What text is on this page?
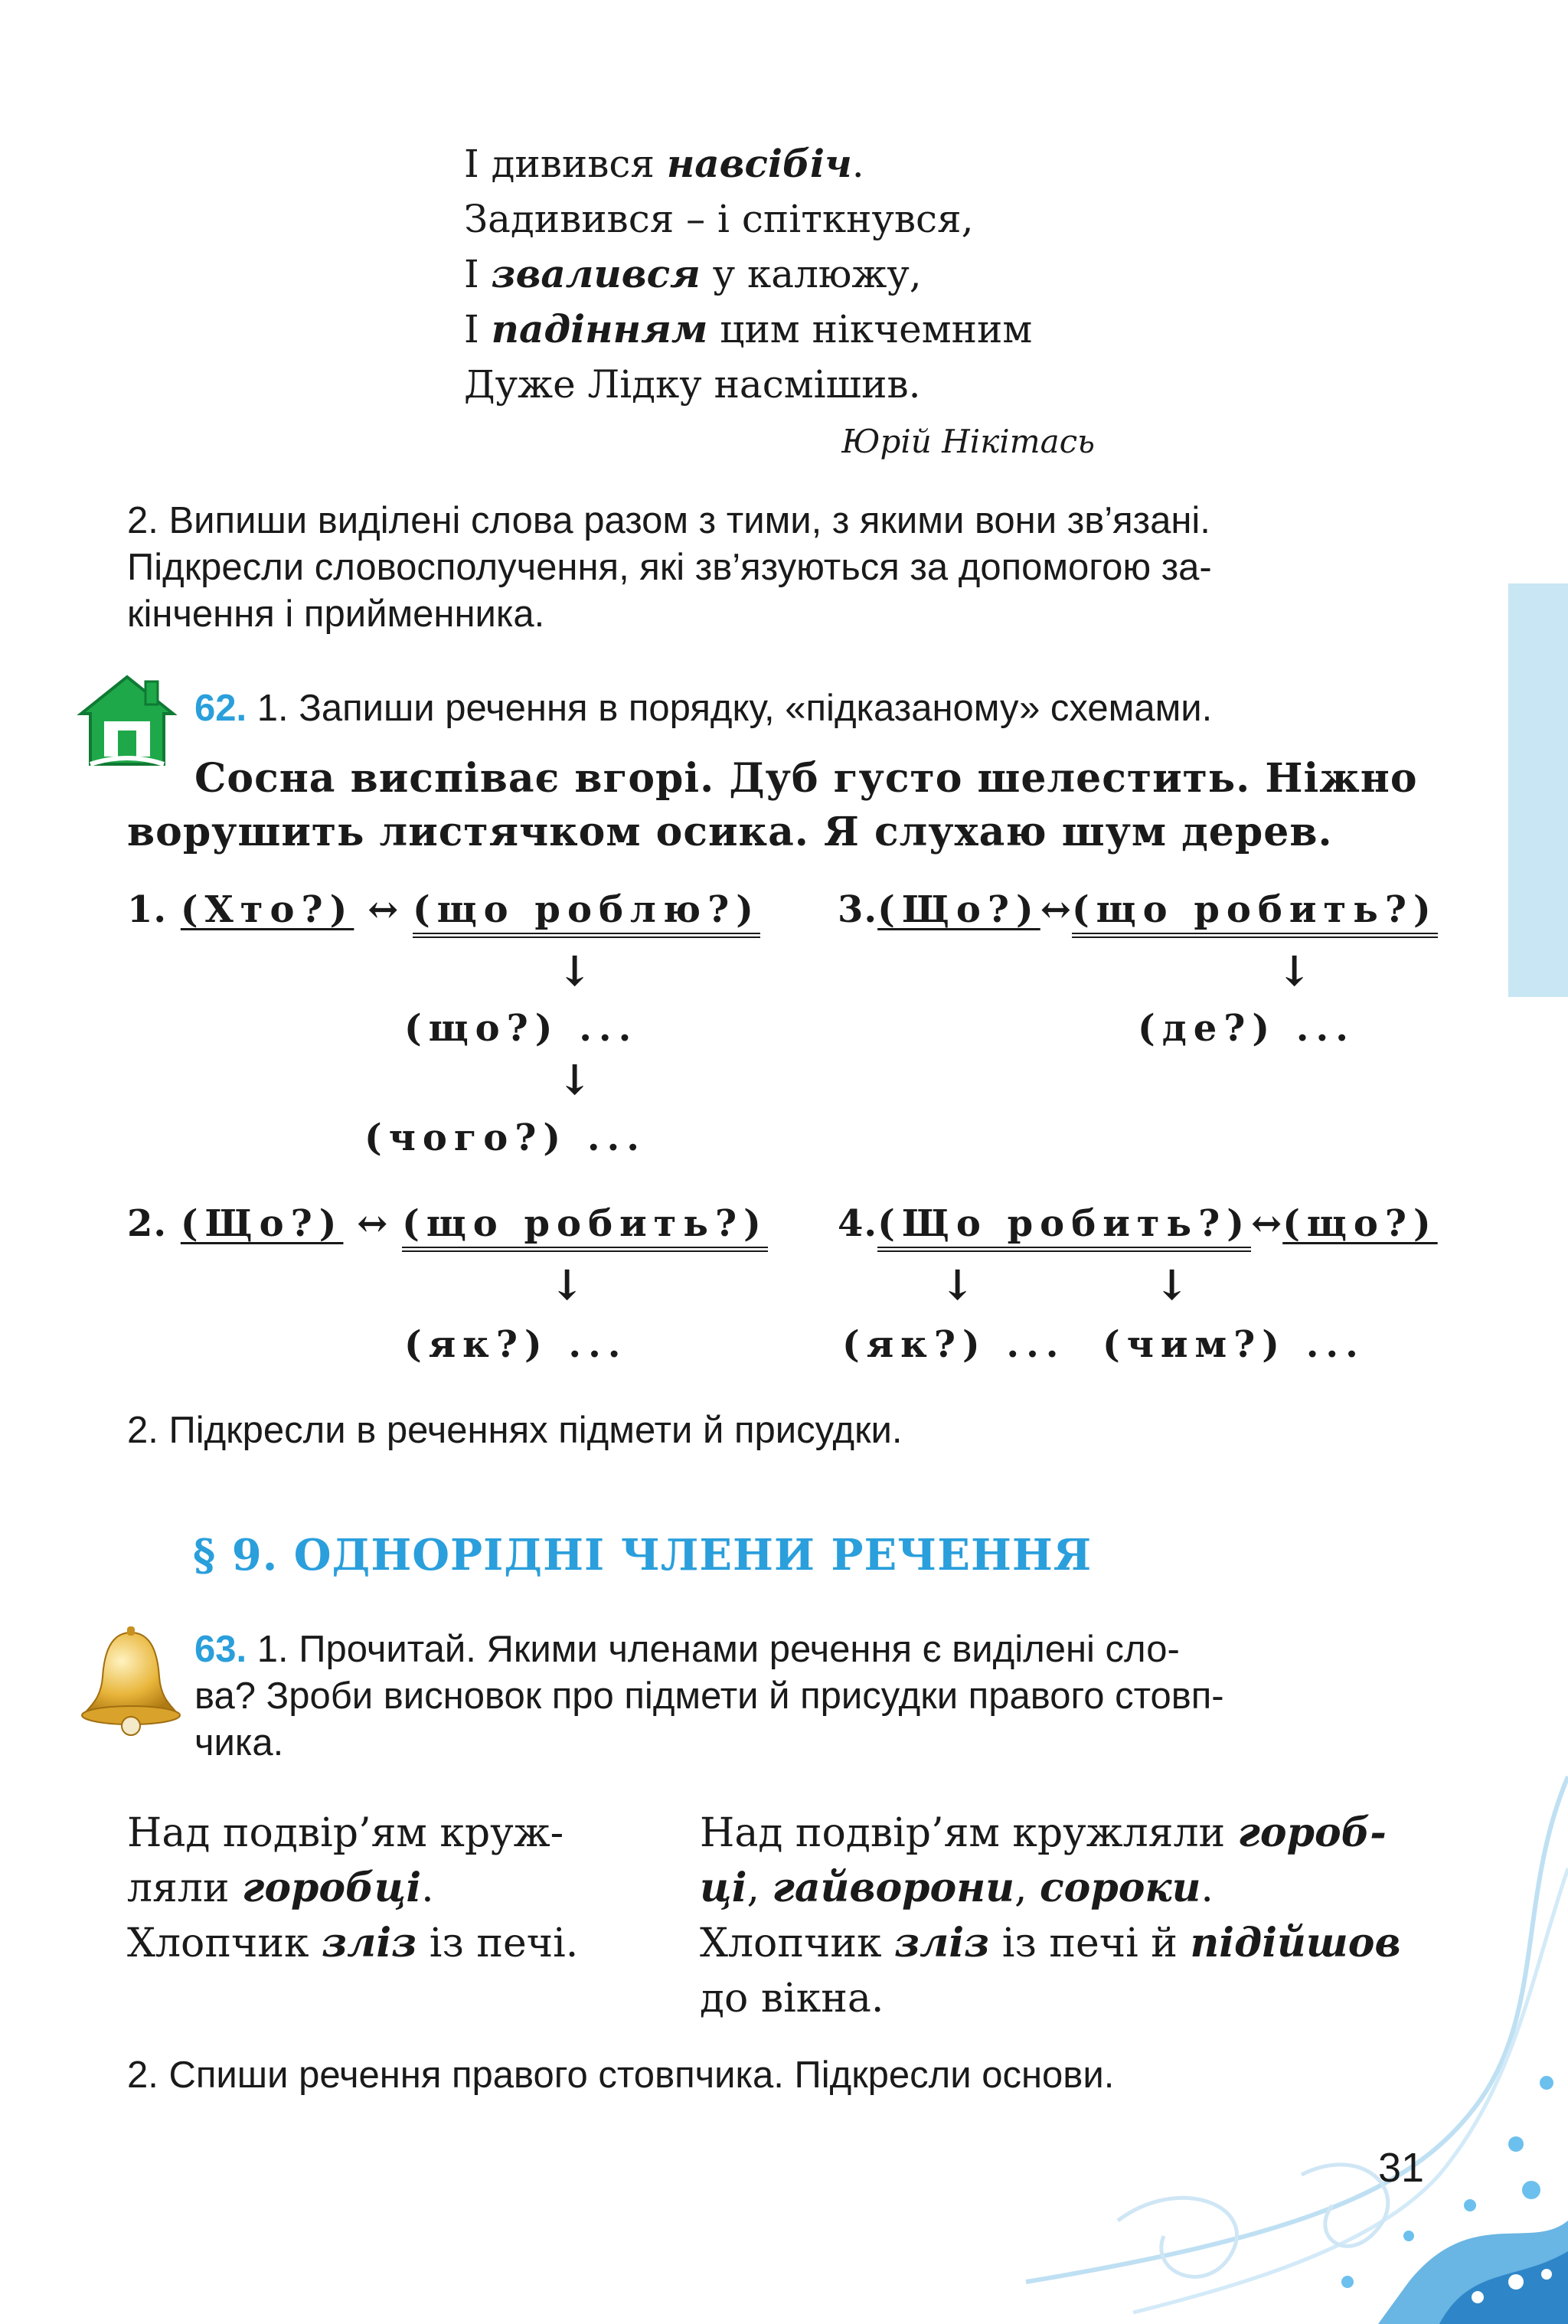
І дивився навсібіч.
Задивився – і спіткнувся,
І звалився у калюжу,
І падінням цим нікчемним
Дуже Лідку насмішив.
Юрій Нікітась
2. Випиши виділені слова разом з тими, з якими вони зв’язані.
Підкресли словосполучення, які зв’язуються за допомогою за-
кінчення і прийменника.
62. 1. Запиши речення в порядку, «підказаному» схемами.
Сосна виспіває вгорі. Дуб густо шелестить. Ніжно
ворушить листячком осика. Я слухаю шум дерев.
1. (Хто?) ↔ (що роблю?)
↓
(що?) ...
↓
(чого?) ...
3.(Що?)↔(що робить?)
↓
(де?) ...
2. (Що?) ↔ (що робить?)
↓
(як?) ...
4.(Що робить?)↔(що?)
↓	↓
(як?) ... (чим?) ...
2. Підкресли в реченнях підмети й присудки.
§ 9. ОДНОРІДНІ ЧЛЕНИ РЕЧЕННЯ
63. 1. Прочитай. Якими членами речення є виділені сло-
ва? Зроби висновок про підмети й присудки правого стовп-
чика.
Над подвір’ям круж-
ляли горобці.
Хлопчик зліз із печі.
Над подвір’ям кружляли гороб-
ці, гайворони, сороки.
Хлопчик зліз із печі й підійшов
до вікна.
2. Спиши речення правого стовпчика. Підкресли основи.
31
